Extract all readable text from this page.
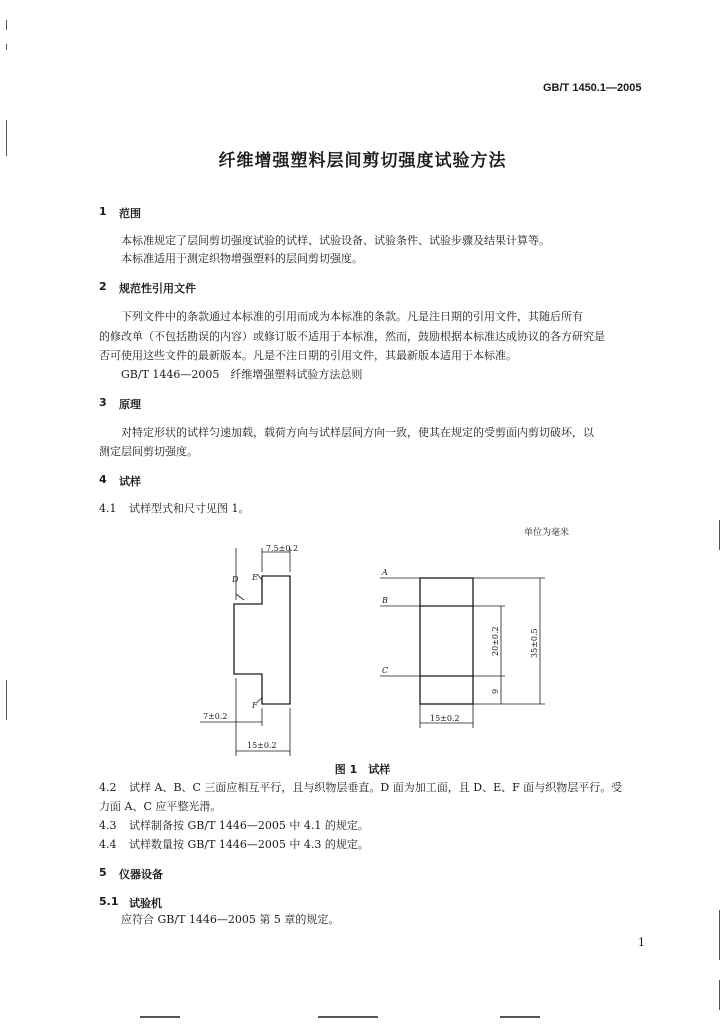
GB/T 1450.1—2005
纤维增强塑料层间剪切强度试验方法
1 范围
本标准规定了层间剪切强度试验的试样、试验设备、试验条件、试验步骤及结果计算等。
本标准适用于测定织物增强塑料的层间剪切强度。
2 规范性引用文件
下列文件中的条款通过本标准的引用而成为本标准的条款。凡是注日期的引用文件，其随后所有
的修改单（不包括勘误的内容）或修订版不适用于本标准，然而，鼓励根据本标准达成协议的各方研究是
否可使用这些文件的最新版本。凡是不注日期的引用文件，其最新版本适用于本标准。
GB/T 1446—2005　纤维增强塑料试验方法总则
3 原理
对特定形状的试样匀速加载，载荷方向与试样层间方向一致，使其在规定的受剪面内剪切破坏，以
测定层间剪切强度。
4 试样
4.1 试样型式和尺寸见图 1。
单位为毫米
7.5±0.2
7±0.2
15±0.2
15±0.2
D E
F
A
B
C
20±0.2	35±0.5
9
图 1　试样
4.2 试样 A、B、C 三面应相互平行，且与织物层垂直。D 面为加工面，且 D、E、F 面与织物层平行。受
力面 A、C 应平整光滑。
4.3 试样制备按 GB/T 1446—2005 中 4.1 的规定。
4.4 试样数量按 GB/T 1446—2005 中 4.3 的规定。
5 仪器设备
5.1 试验机
应符合 GB/T 1446—2005 第 5 章的规定。
1
